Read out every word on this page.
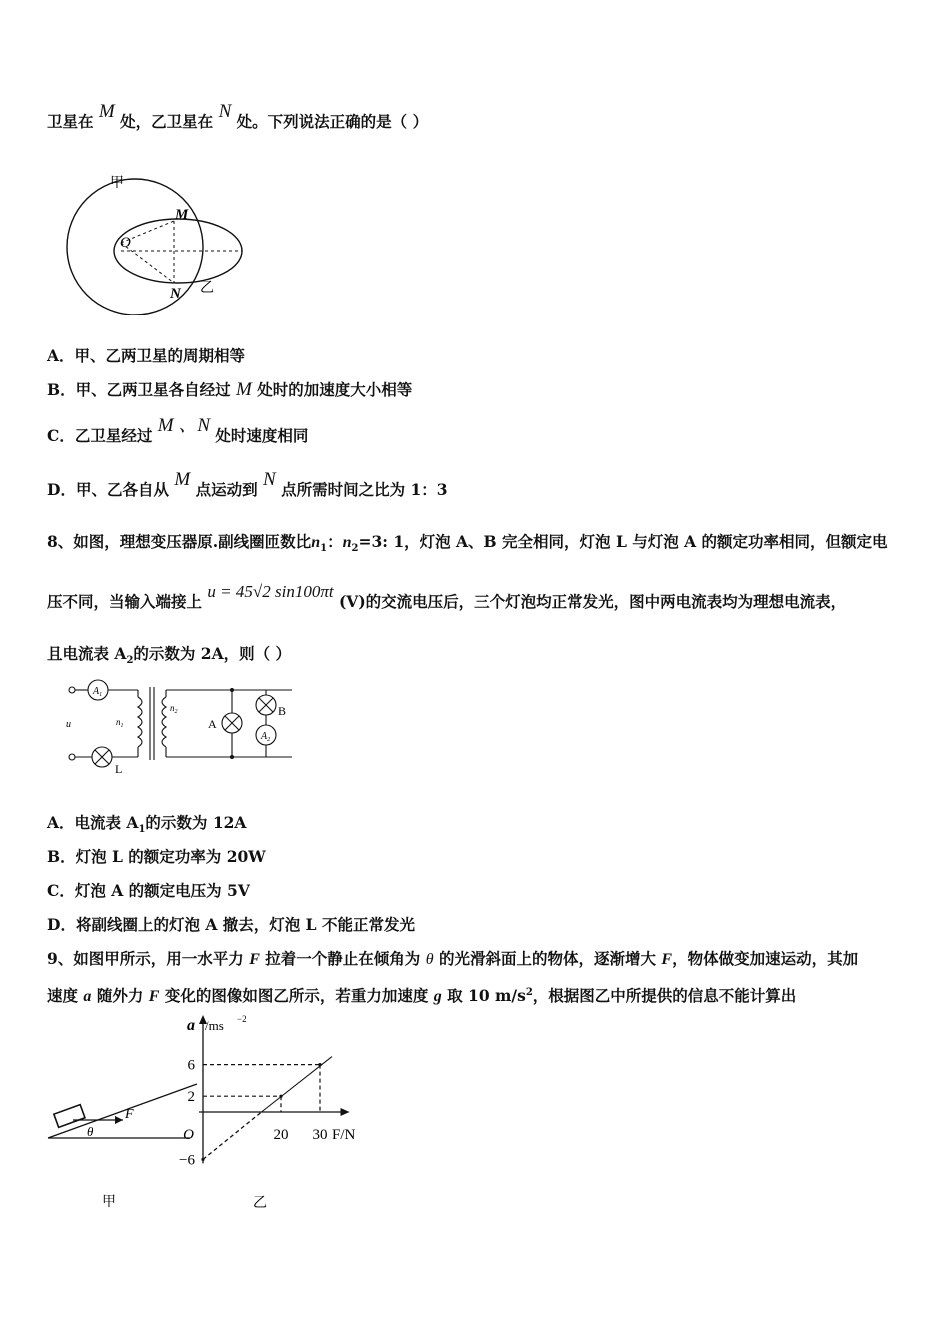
卫星在 M 处，乙卫星在 N 处。下列说法正确的是（ ）
甲
O
M
N 乙
A．甲、乙两卫星的周期相等
B．甲、乙两卫星各自经过 M 处时的加速度大小相等
C．乙卫星经过 M 、N 处时速度相同
D．甲、乙各自从 M 点运动到 N 点所需时间之比为 1：3
8、如图，理想变压器原.副线圈匝数比$n_1$：$n_2=3$: 1，灯泡 A、B 完全相同，灯泡 L 与灯泡 A 的额定功率相同，但额定电
压不同，当输入端接上 u = 45√2 sin100πt (V)的交流电压后，三个灯泡均正常发光，图中两电流表均为理想电流表，
且电流表 $A_2$的示数为 2A，则（ ）
$A_1$
u	$n_1$
$n_2$
A
B
$A_2$
L
A．电流表 $A_1$的示数为 12A
B．灯泡 L 的额定功率为 20W
C．灯泡 A 的额定电压为 5V
D．将副线圈上的灯泡 A 撤去，灯泡 L 不能正常发光
9、如图甲所示，用一水平力 F 拉着一个静止在倾角为 θ 的光滑斜面上的物体，逐渐增大 F，物体做变加速运动，其加
速度 a 随外力 F 变化的图像如图乙所示，若重力加速度 g 取 10 $m/s^2$，根据图乙中所提供的信息不能计算出
F
θ
甲
6
2
−6
20 30
O	F/N
a /ms −2
乙
